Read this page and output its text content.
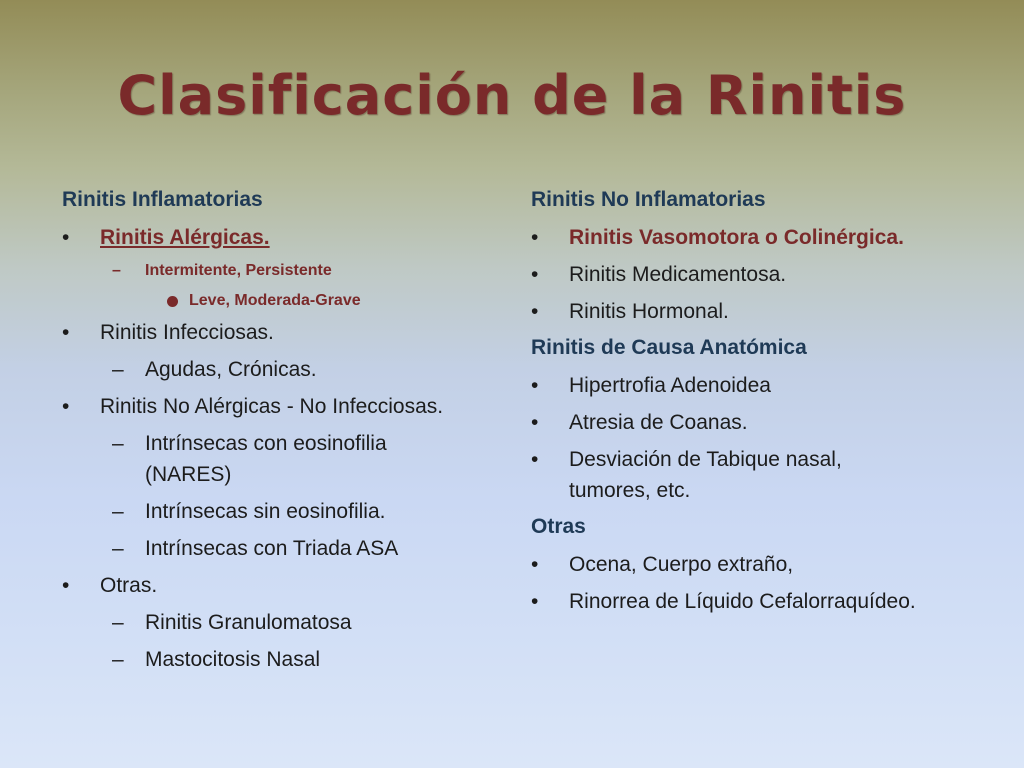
Clasificación de la Rinitis
Rinitis Inflamatorias
•	Rinitis Alérgicas.
– Intermitente, Persistente
Leve, Moderada-Grave
•	Rinitis Infecciosas.
– Agudas, Crónicas.
•	Rinitis No Alérgicas - No Infecciosas.
– Intrínsecas con eosinofilia
(NARES)
– Intrínsecas sin eosinofilia.
– Intrínsecas con Triada ASA
•	Otras.
– Rinitis Granulomatosa
– Mastocitosis Nasal
Rinitis No Inflamatorias
•	Rinitis Vasomotora o Colinérgica.
•	Rinitis Medicamentosa.
•	Rinitis Hormonal.
Rinitis de Causa Anatómica
•	Hipertrofia Adenoidea
•	Atresia de Coanas.
•	Desviación de Tabique nasal,
tumores, etc.
Otras
•	Ocena, Cuerpo extraño,
•	Rinorrea de Líquido Cefalorraquídeo.
